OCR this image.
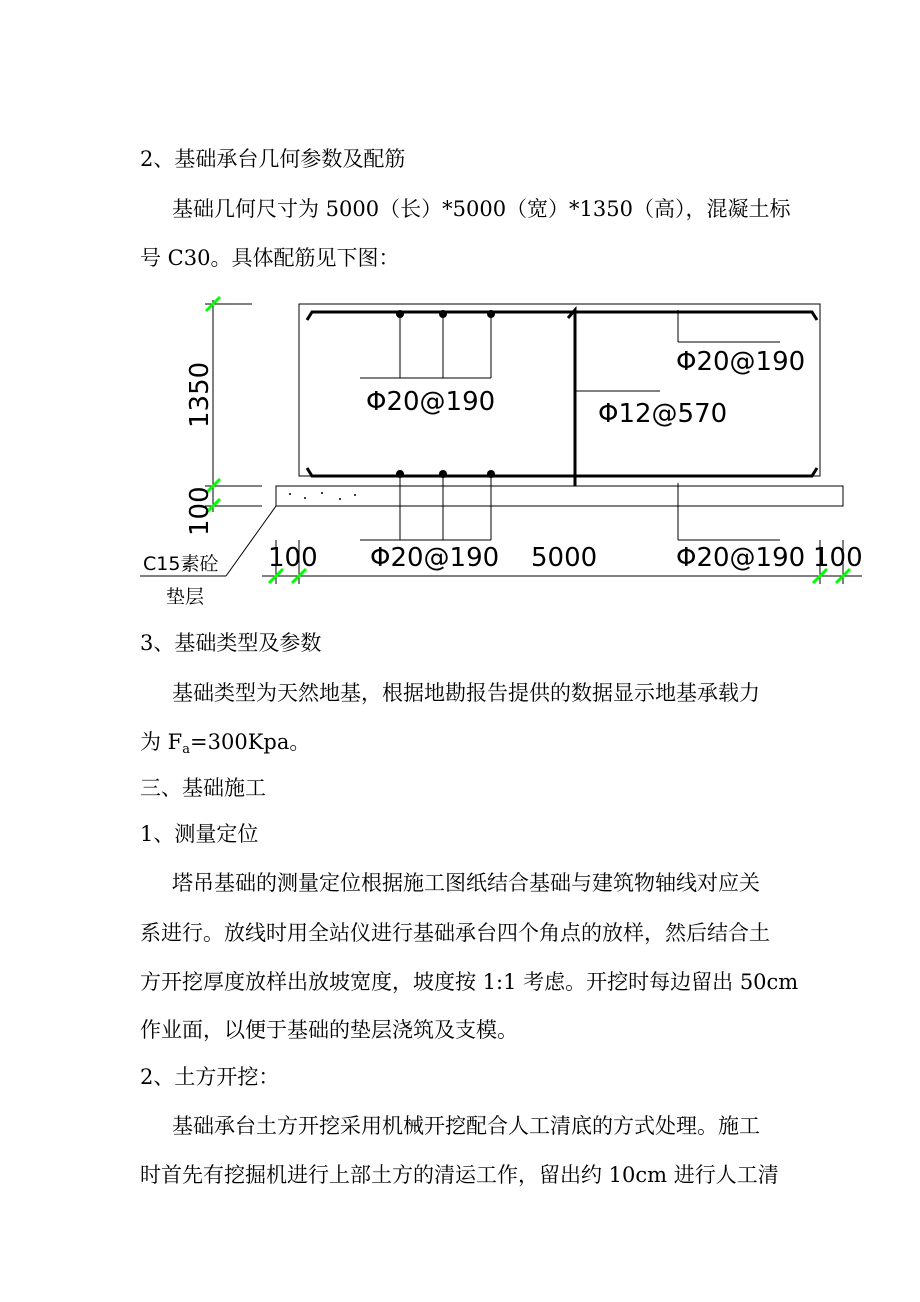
2、基础承台几何参数及配筋
基础几何尺寸为 5000（长）*5000（宽）*1350（高），混凝土标
号 C30。具体配筋见下图：
1350
100
Φ20@190
Φ20@190
Φ12@570
Φ20@190	Φ20@190
5000
100	100
C15素砼
垫层
3、基础类型及参数
基础类型为天然地基，根据地勘报告提供的数据显示地基承载力
为 $F_a=300Kpa$。
三、基础施工
1、测量定位
塔吊基础的测量定位根据施工图纸结合基础与建筑物轴线对应关
系进行。放线时用全站仪进行基础承台四个角点的放样，然后结合土
方开挖厚度放样出放坡宽度，坡度按 1:1 考虑。开挖时每边留出 50cm
作业面，以便于基础的垫层浇筑及支模。
2、土方开挖：
基础承台土方开挖采用机械开挖配合人工清底的方式处理。施工
时首先有挖掘机进行上部土方的清运工作，留出约 10cm 进行人工清
